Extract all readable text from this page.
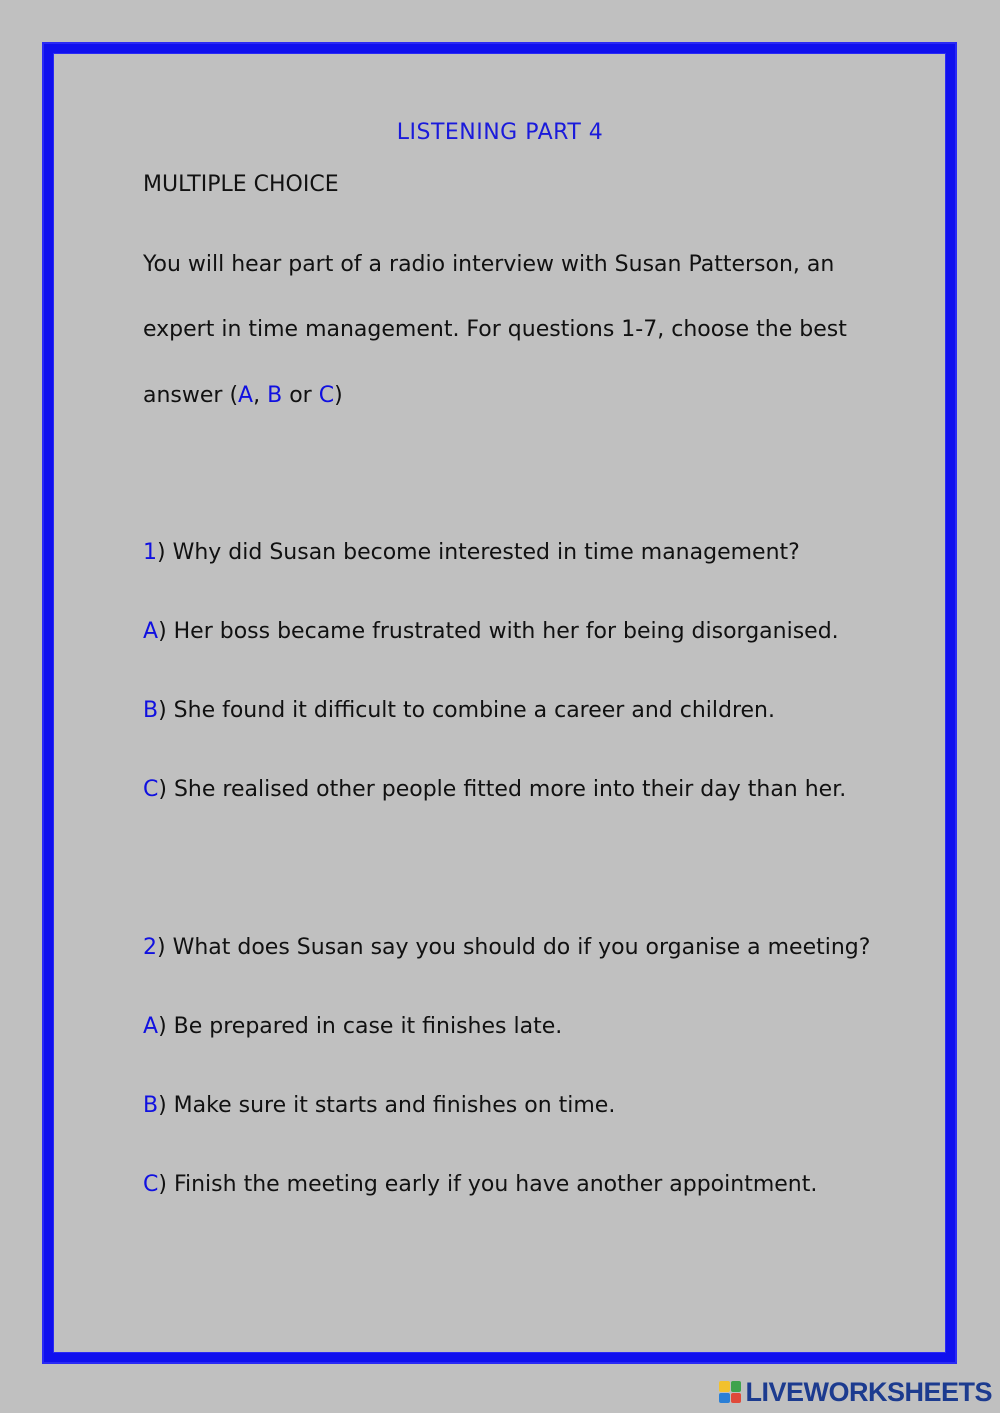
LISTENING PART 4
MULTIPLE CHOICE
You will hear part of a radio interview with Susan Patterson, an
expert in time management. For questions 1-7, choose the best
answer (A, B or C)
1) Why did Susan become interested in time management?
A) Her boss became frustrated with her for being disorganised.
B) She found it difficult to combine a career and children.
C) She realised other people fitted more into their day than her.
2) What does Susan say you should do if you organise a meeting?
A) Be prepared in case it finishes late.
B) Make sure it starts and finishes on time.
C) Finish the meeting early if you have another appointment.
LIVEWORKSHEETS
